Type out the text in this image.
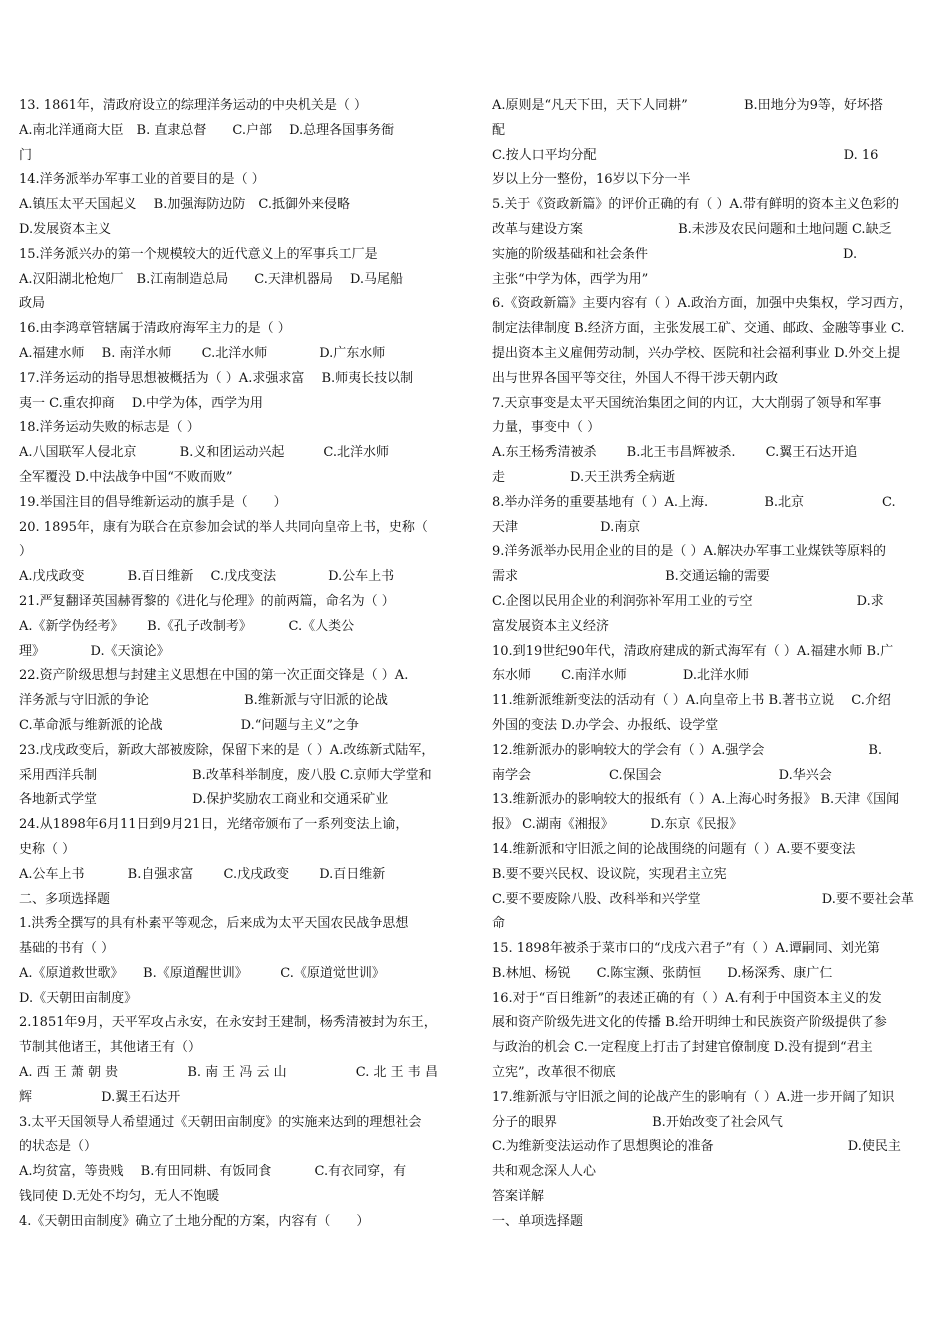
13. 1861年，清政府设立的综理洋务运动的中央机关是（ ）
A.南北洋通商大臣　B. 直隶总督　　C.户部　 D.总理各国事务衙
门
14.洋务派举办军事工业的首要目的是（ ）
A.镇压太平天国起义　 B.加强海防边防　C.抵御外来侵略
D.发展资本主义
15.洋务派兴办的第一个规模较大的近代意义上的军事兵工厂是
A.汉阳湖北枪炮厂　B.江南制造总局　　C.天津机器局　 D.马尾船
政局
16.由李鸿章管辖属于清政府海军主力的是（ ）
A.福建水师　 B. 南洋水师　　 C.北洋水师　　　　D.广东水师
17.洋务运动的指导思想被概括为（ ）A.求强求富　 B.师夷长技以制
夷一 C.重农抑商　 D.中学为体，西学为用
18.洋务运动失败的标志是（ ）
A.八国联军人侵北京　　　 B.义和团运动兴起　　　C.北洋水师
全军覆没 D.中法战争中国“不败而败”
19.举国注目的倡导维新运动的旗手是（　　）
20. 1895年，康有为联合在京参加会试的举人共同向皇帝上书，史称（
）
A.戊戌政变　　　 B.百日维新　 C.戊戌变法　　　　D.公车上书
21.严复翻译英国赫胥黎的《进化与伦理》的前两篇，命名为（ ）
A.《新学伪经考》　　 B.《孔子改制考》　　　 C.《人类公
理》　　　　D.《天演论》
22.资产阶级思想与封建主义思想在中国的第一次正面交锋是（ ）A.
洋务派与守旧派的争论　　　　　　　 B.维新派与守旧派的论战
C.革命派与维新派的论战　　　　　　D.“问题与主义”之争
23.戊戌政变后，新政大部被废除，保留下来的是（ ）A.改练新式陆军，
采用西洋兵制　　　　　　　 B.改革科举制度，废八股 C.京师大学堂和
各地新式学堂　　　　　　　 D.保护奖励农工商业和交通采矿业
24.从1898年6月11日到9月21日，光绪帝颁布了一系列变法上谕，
史称（ ）
A.公车上书　　　 B.自强求富　　 C.戊戌政变　　 D.百日维新
二、多项选择题
1.洪秀全撰写的具有朴素平等观念，后来成为太平天国农民战争思想
基础的书有（ ）
A.《原道救世歌》　　B.《原道醒世训》　　　C.《原道觉世训》
D.《天朝田亩制度》
2.1851年9月，天平军攻占永安，在永安封王建制，杨秀清被封为东王，
节制其他诸王，其他诸王有（）
A. 西 王 萧 朝 贵　　　　　 B. 南 王 冯 云 山　　　　　 C. 北 王 韦 昌
辉　　　　　 D.翼王石达开
3.太平天国领导人希望通过《天朝田亩制度》的实施来达到的理想社会
的状态是（）
A.均贫富，等贵贱　 B.有田同耕、有饭同食　　　 C.有衣同穿，有
钱同使 D.无处不均匀，无人不饱暖
4.《天朝田亩制度》确立了土地分配的方案，内容有（　　）
A.原则是“凡天下田，天下人同耕”　　　　 B.田地分为9等，好坏搭
配
C.按人口平均分配　　　　　　　　　　　　　　　　　　　D. 16
岁以上分一整份，16岁以下分一半
5.关于《资政新篇》的评价正确的有（ ）A.带有鲜明的资本主义色彩的
改革与建设方案　　　　　　　 B.未涉及农民问题和土地问题 C.缺乏
实施的阶级基础和社会条件　　　　　　　　　　　　　　　D.
主张“中学为体，西学为用”
6.《资政新篇》主要内容有（ ）A.政治方面，加强中央集权，学习西方，
制定法律制度 B.经济方面，主张发展工矿、交通、邮政、金融等事业 C.
提出资本主义雇佣劳动制，兴办学校、医院和社会福利事业 D.外交上提
出与世界各国平等交往，外国人不得干涉天朝内政
7.天京事变是太平天国统治集团之间的内讧，大大削弱了领导和军事
力量，事变中（ ）
A.东王杨秀清被杀　　 B.北王韦昌辉被杀.　　 C.翼王石达开追
走　　　　　D.天王洪秀全病逝
8.举办洋务的重要基地有（ ）A.上海.　　　　 B.北京　　　　　　C.
天津　　　　　　 D.南京
9.洋务派举办民用企业的目的是（ ）A.解决办军事工业煤铁等原料的
需求　　　　　　　　　　　 B.交通运输的需要
C.企图以民用企业的利润弥补军用工业的亏空　　　　　　　　D.求
富发展资本主义经济
10.到19世纪90年代，清政府建成的新式海军有（ ）A.福建水师 B.广
东水师　　 C.南洋水师　　　　 D.北洋水师
11.维新派维新变法的活动有（ ）A.向皇帝上书 B.著书立说　 C.介绍
外国的变法 D.办学会、办报纸、设学堂
12.维新派办的影响较大的学会有（ ）A.强学会　　　　　　　　B.
南学会　　　　　　C.保国会　　　　　　　　　D.华兴会
13.维新派办的影响较大的报纸有（ ）A.上海心时务报》 B.天津《国闻
报》 C.湖南《湘报》　　　 D.东京《民报》
14.维新派和守旧派之间的论战围绕的问题有（ ）A.要不要变法
B.要不要兴民权、设议院，实现君主立宪
C.要不要废除八股、改科举和兴学堂　　　　　　　　　 D.要不要社会革
命
15. 1898年被杀于菜市口的“戊戌六君子”有（ ）A.谭嗣同、刘光第
B.林旭、杨锐　　C.陈宝濒、张荫恒　　D.杨深秀、康广仁
16.对于“百日维新”的表述正确的有（ ）A.有利于中国资本主义的发
展和资产阶级先进文化的传播 B.给开明绅士和民族资产阶级提供了参
与政治的机会 C.一定程度上打击了封建官僚制度 D.没有提到“君主
立宪”，改革很不彻底
17.维新派与守旧派之间的论战产生的影响有（ ）A.进一步开阔了知识
分子的眼界　　　　　　　 B.开始改变了社会风气
C.为维新变法运动作了思想舆论的准备　　　　　　　　　　 D.使民主
共和观念深人人心
答案详解
一、单项选择题
